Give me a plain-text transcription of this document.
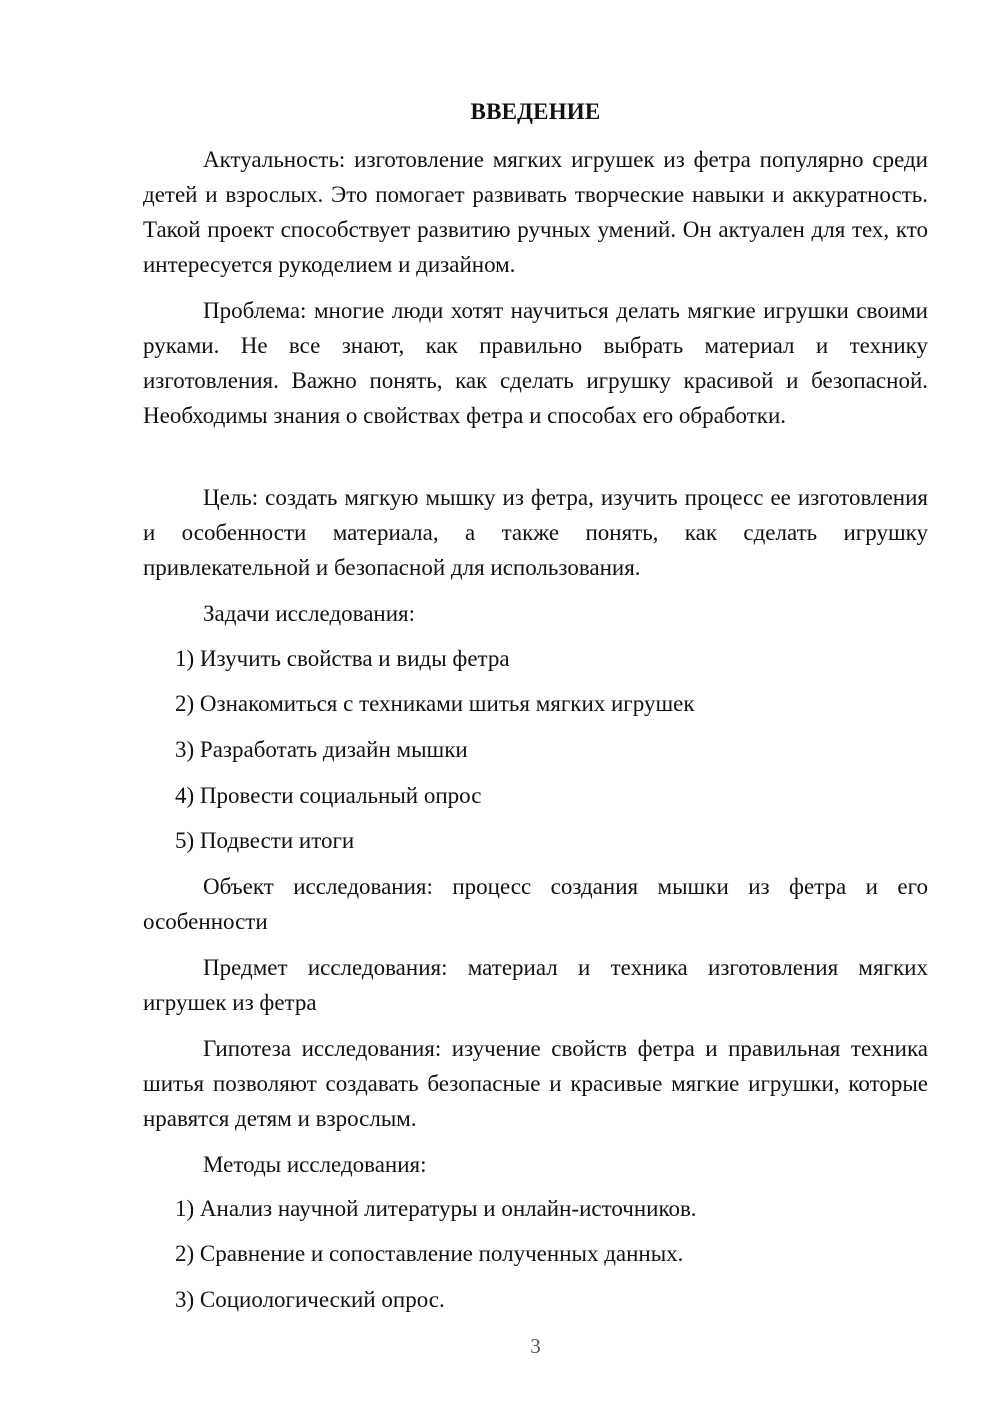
ВВЕДЕНИЕ

Актуальность: изготовление мягких игрушек из фетра популярно среди детей и взрослых. Это помогает развивать творческие навыки и аккуратность. Такой проект способствует развитию ручных умений. Он актуален для тех, кто интересуется рукоделием и дизайном.

Проблема: многие люди хотят научиться делать мягкие игрушки своими руками. Не все знают, как правильно выбрать материал и технику изготовления. Важно понять, как сделать игрушку красивой и безопасной. Необходимы знания о свойствах фетра и способах его обработки.

Цель: создать мягкую мышку из фетра, изучить процесс ее изготовления и особенности материала, а также понять, как сделать игрушку привлекательной и безопасной для использования.

Задачи исследования:
1) Изучить свойства и виды фетра
2) Ознакомиться с техниками шитья мягких игрушек
3) Разработать дизайн мышки
4) Провести социальный опрос
5) Подвести итоги

Объект исследования: процесс создания мышки из фетра и его особенности

Предмет исследования: материал и техника изготовления мягких игрушек из фетра

Гипотеза исследования: изучение свойств фетра и правильная техника шитья позволяют создавать безопасные и красивые мягкие игрушки, которые нравятся детям и взрослым.

Методы исследования:
1) Анализ научной литературы и онлайн-источников.
2) Сравнение и сопоставление полученных данных.
3) Социологический опрос.
3
